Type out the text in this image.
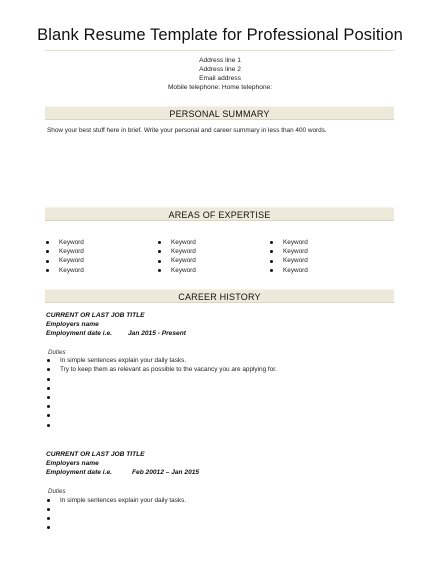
Blank Resume Template for Professional Position
Address line 1
Address line 2
Email address
Mobile telephone: Home telephone:
PERSONAL SUMMARY
Show your best stuff here in brief. Write your personal and career summary in less than 400 words.
AREAS OF EXPERTISE
Keyword
Keyword
Keyword
Keyword
Keyword
Keyword
Keyword
Keyword
Keyword
Keyword
Keyword
Keyword
CAREER HISTORY
CURRENT OR LAST JOB TITLE
Employers name
Employment date i.e. Jan 2015 - Present
Duties
In simple sentences explain your daily tasks.
Try to keep them as relevant as possible to the vacancy you are applying for.
CURRENT OR LAST JOB TITLE
Employers name
Employment date i.e.	Feb 20012 – Jan 2015
Duties
In simple sentences explain your daily tasks.
